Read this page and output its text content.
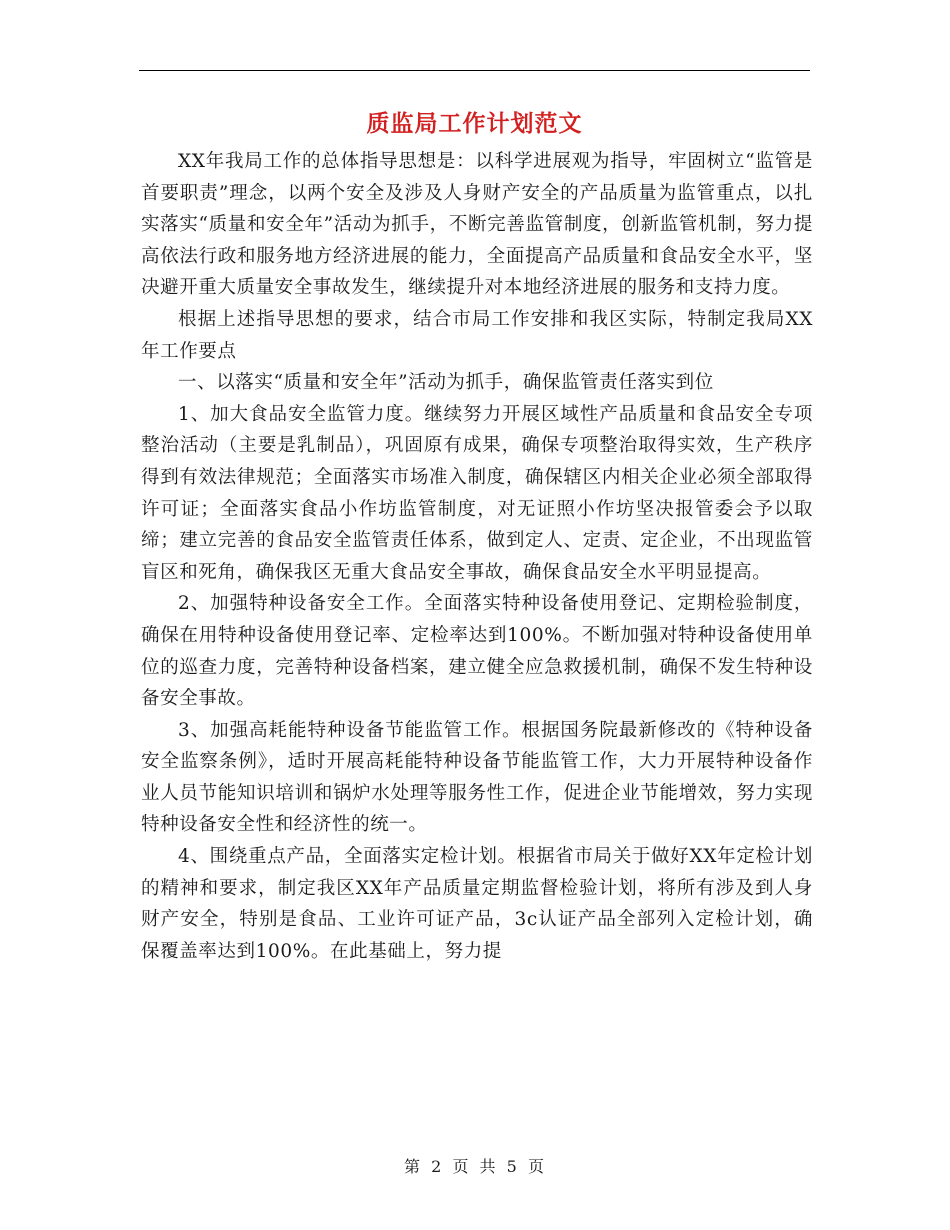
质监局工作计划范文

XX年我局工作的总体指导思想是：以科学进展观为指导，牢固树立“监管是首要职责”理念，以两个安全及涉及人身财产安全的产品质量为监管重点，以扎实落实“质量和安全年”活动为抓手，不断完善监管制度，创新监管机制，努力提高依法行政和服务地方经济进展的能力，全面提高产品质量和食品安全水平，坚决避开重大质量安全事故发生，继续提升对本地经济进展的服务和支持力度。

根据上述指导思想的要求，结合市局工作安排和我区实际，特制定我局XX年工作要点

一、以落实“质量和安全年”活动为抓手，确保监管责任落实到位

1、加大食品安全监管力度。继续努力开展区域性产品质量和食品安全专项整治活动（主要是乳制品），巩固原有成果，确保专项整治取得实效，生产秩序得到有效法律规范；全面落实市场准入制度，确保辖区内相关企业必须全部取得许可证；全面落实食品小作坊监管制度，对无证照小作坊坚决报管委会予以取缔；建立完善的食品安全监管责任体系，做到定人、定责、定企业，不出现监管盲区和死角，确保我区无重大食品安全事故，确保食品安全水平明显提高。

2、加强特种设备安全工作。全面落实特种设备使用登记、定期检验制度，确保在用特种设备使用登记率、定检率达到100%。不断加强对特种设备使用单位的巡查力度，完善特种设备档案，建立健全应急救援机制，确保不发生特种设备安全事故。

3、加强高耗能特种设备节能监管工作。根据国务院最新修改的《特种设备安全监察条例》，适时开展高耗能特种设备节能监管工作，大力开展特种设备作业人员节能知识培训和锅炉水处理等服务性工作，促进企业节能增效，努力实现特种设备安全性和经济性的统一。

4、围绕重点产品，全面落实定检计划。根据省市局关于做好XX年定检计划的精神和要求，制定我区XX年产品质量定期监督检验计划，将所有涉及到人身财产安全，特别是食品、工业许可证产品，3c认证产品全部列入定检计划，确保覆盖率达到100%。在此基础上，努力提

第 2 页 共 5 页
